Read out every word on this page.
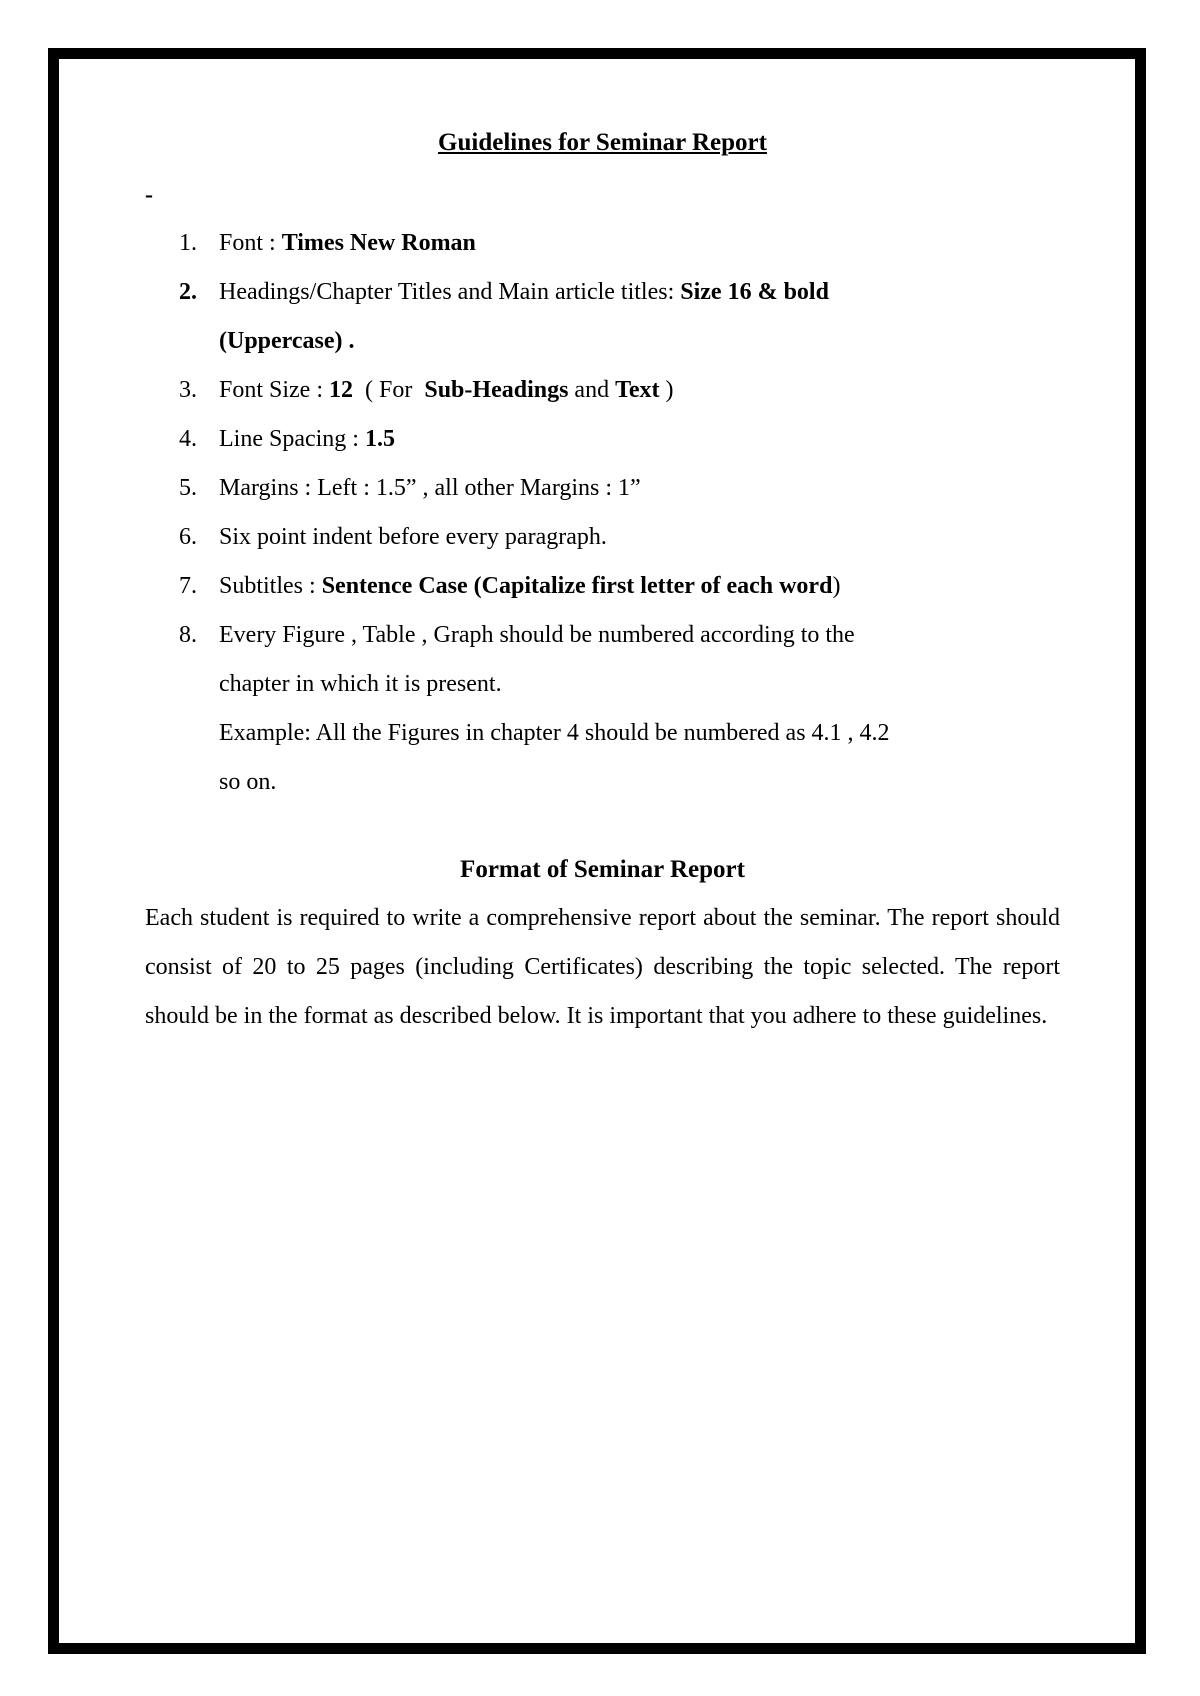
Guidelines for Seminar Report
-
1. Font : Times New Roman
2. Headings/Chapter Titles and Main article titles: Size 16 & bold
(Uppercase) .
3. Font Size : 12  ( For  Sub-Headings and Text )
4. Line Spacing : 1.5
5. Margins : Left : 1.5” , all other Margins : 1”
6. Six point indent before every paragraph.
7. Subtitles : Sentence Case (Capitalize first letter of each word)
8. Every Figure , Table , Graph should be numbered according to the
chapter in which it is present.
Example: All the Figures in chapter 4 should be numbered as 4.1 , 4.2
so on.
Format of Seminar Report

Each student is required to write a comprehensive report about the seminar. The report should consist of 20 to 25 pages (including Certificates) describing the topic selected. The report should be in the format as described below. It is important that you adhere to these guidelines.
